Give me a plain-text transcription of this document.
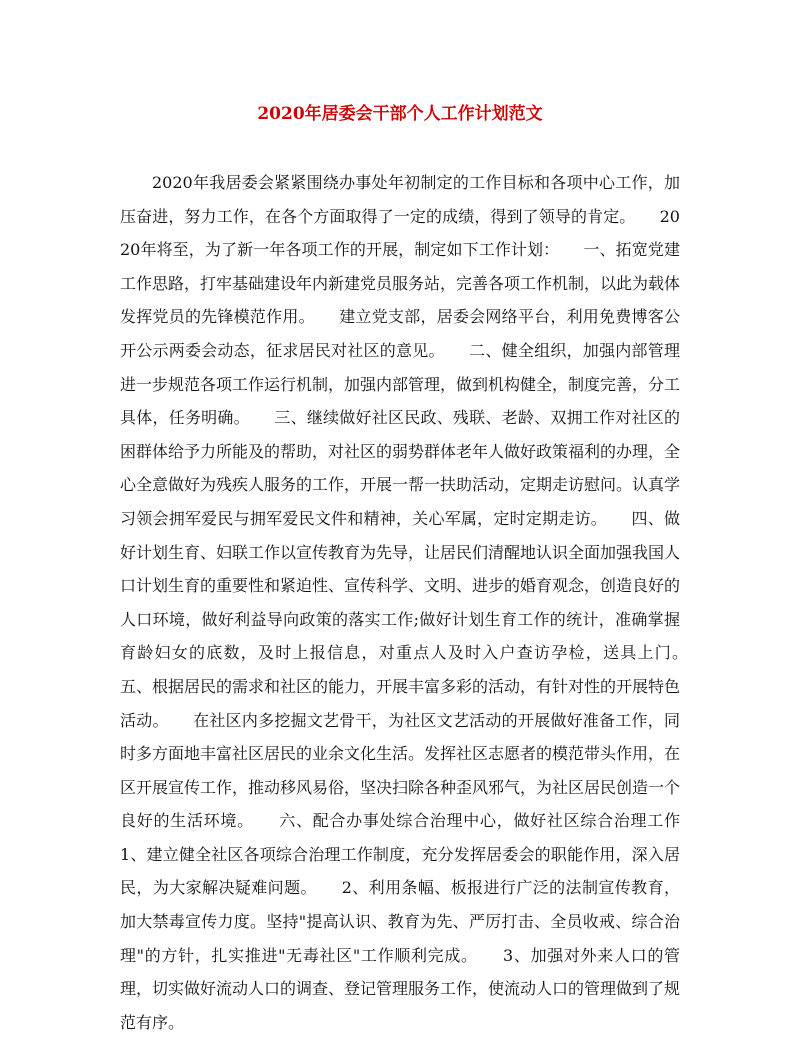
2020年居委会干部个人工作计划范文

2020年我居委会紧紧围绕办事处年初制定的工作目标和各项中心工作，加压奋进，努力工作，在各个方面取得了一定的成绩，得到了领导的肯定。　　2020年将至，为了新一年各项工作的开展，制定如下工作计划：　　一、拓宽党建工作思路，打牢基础建设年内新建党员服务站，完善各项工作机制，以此为载体发挥党员的先锋模范作用。　　建立党支部，居委会网络平台，利用免费博客公开公示两委会动态，征求居民对社区的意见。　　二、健全组织，加强内部管理进一步规范各项工作运行机制，加强内部管理，做到机构健全，制度完善，分工具体，任务明确。　　三、继续做好社区民政、残联、老龄、双拥工作对社区的困群体给予力所能及的帮助，对社区的弱势群体老年人做好政策福利的办理，全心全意做好为残疾人服务的工作，开展一帮一扶助活动，定期走访慰问。认真学习领会拥军爱民与拥军爱民文件和精神，关心军属，定时定期走访。　　四、做好计划生育、妇联工作以宣传教育为先导，让居民们清醒地认识全面加强我国人口计划生育的重要性和紧迫性、宣传科学、文明、进步的婚育观念，创造良好的人口环境，做好利益导向政策的落实工作;做好计划生育工作的统计，准确掌握育龄妇女的底数，及时上报信息，对重点人及时入户查访孕检，送具上门。　　五、根据居民的需求和社区的能力，开展丰富多彩的活动，有针对性的开展特色活动。　　在社区内多挖掘文艺骨干，为社区文艺活动的开展做好准备工作，同时多方面地丰富社区居民的业余文化生活。发挥社区志愿者的模范带头作用，在区开展宣传工作，推动移风易俗，坚决扫除各种歪风邪气，为社区居民创造一个良好的生活环境。　　六、配合办事处综合治理中心，做好社区综合治理工作　　1、建立健全社区各项综合治理工作制度，充分发挥居委会的职能作用，深入居民，为大家解决疑难问题。　　2、利用条幅、板报进行广泛的法制宣传教育，加大禁毒宣传力度。坚持"提高认识、教育为先、严厉打击、全员收戒、综合治理"的方针，扎实推进"无毒社区"工作顺利完成。　　3、加强对外来人口的管理，切实做好流动人口的调查、登记管理服务工作，使流动人口的管理做到了规范有序。
